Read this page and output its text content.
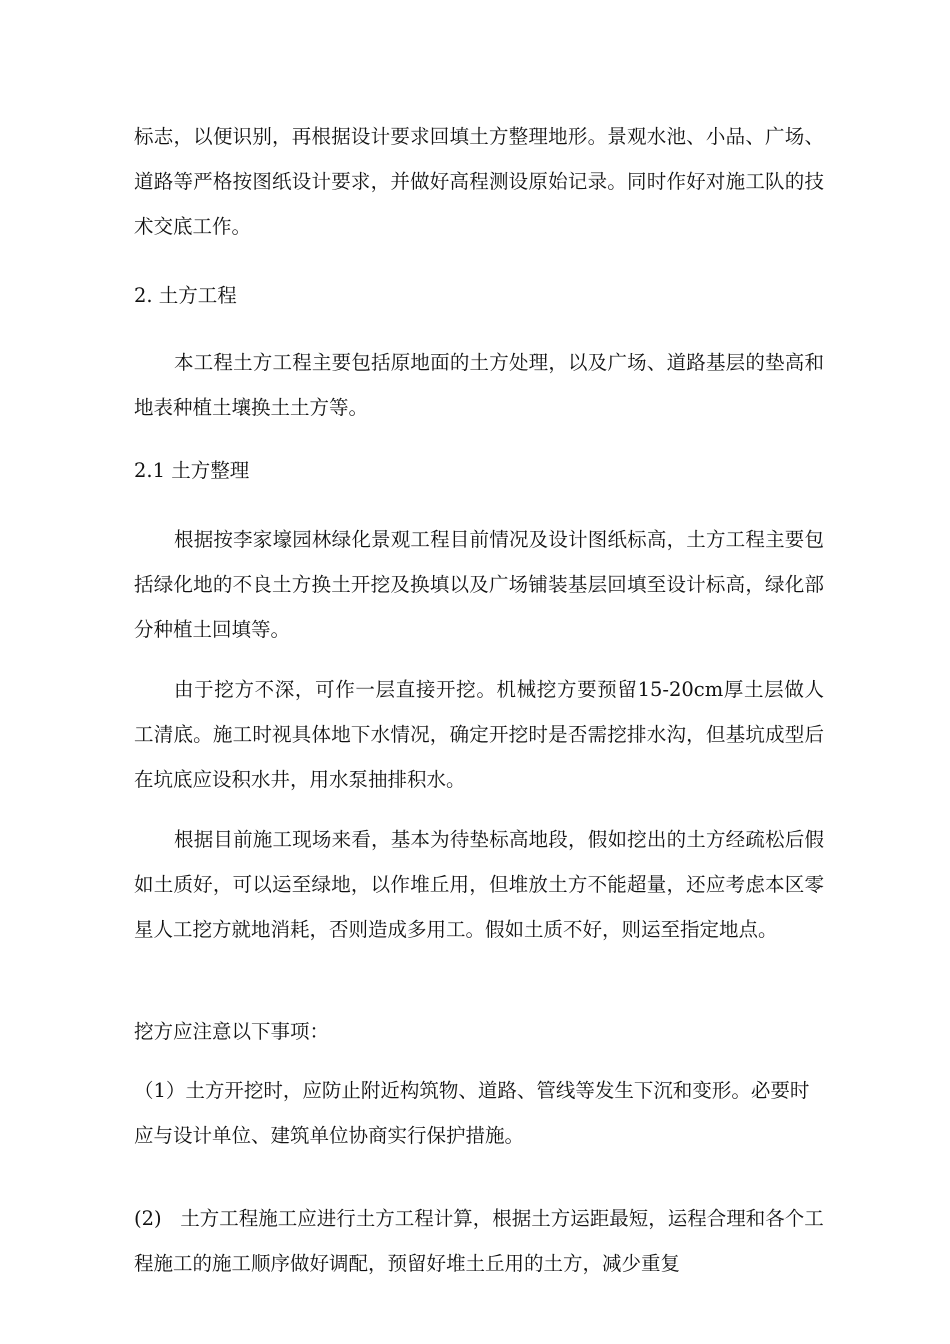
标志，以便识别，再根据设计要求回填土方整理地形。景观水池、小品、广场、道路等严格按图纸设计要求，并做好高程测设原始记录。同时作好对施工队的技术交底工作。

2. 土方工程

本工程土方工程主要包括原地面的土方处理，以及广场、道路基层的垫高和地表种植土壤换土土方等。

2.1 土方整理

根据按李家壕园林绿化景观工程目前情况及设计图纸标高，土方工程主要包括绿化地的不良土方换土开挖及换填以及广场铺装基层回填至设计标高，绿化部分种植土回填等。

由于挖方不深，可作一层直接开挖。机械挖方要预留15-20cm厚土层做人工清底。施工时视具体地下水情况，确定开挖时是否需挖排水沟，但基坑成型后在坑底应设积水井，用水泵抽排积水。

根据目前施工现场来看，基本为待垫标高地段，假如挖出的土方经疏松后假如土质好，可以运至绿地，以作堆丘用，但堆放土方不能超量，还应考虑本区零星人工挖方就地消耗，否则造成多用工。假如土质不好，则运至指定地点。

挖方应注意以下事项：

（1）土方开挖时，应防止附近构筑物、道路、管线等发生下沉和变形。必要时应与设计单位、建筑单位协商实行保护措施。
(2)   土方工程施工应进行土方工程计算，根据土方运距最短，运程合理和各个工程施工的施工顺序做好调配，预留好堆土丘用的土方，减少重复
